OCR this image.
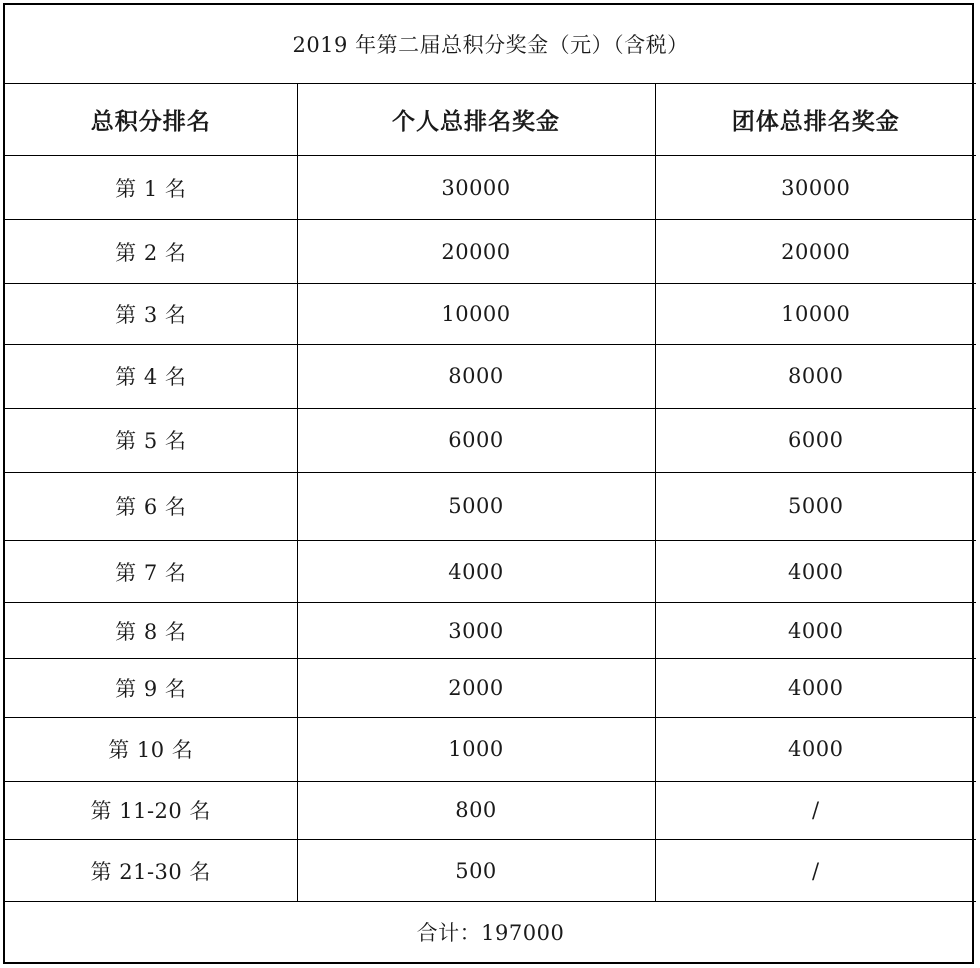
2019 年第二届总积分奖金（元）（含税）		
总积分排名	个人总排名奖金	团体总排名奖金
第 1 名	30000	30000
第 2 名	20000	20000
第 3 名	10000	10000
第 4 名	8000	8000
第 5 名	6000	6000
第 6 名	5000	5000
第 7 名	4000	4000
第 8 名	3000	4000
第 9 名	2000	4000
第 10 名	1000	4000
第 11-20 名	800	/
第 21-30 名	500	/
合计：197000		
